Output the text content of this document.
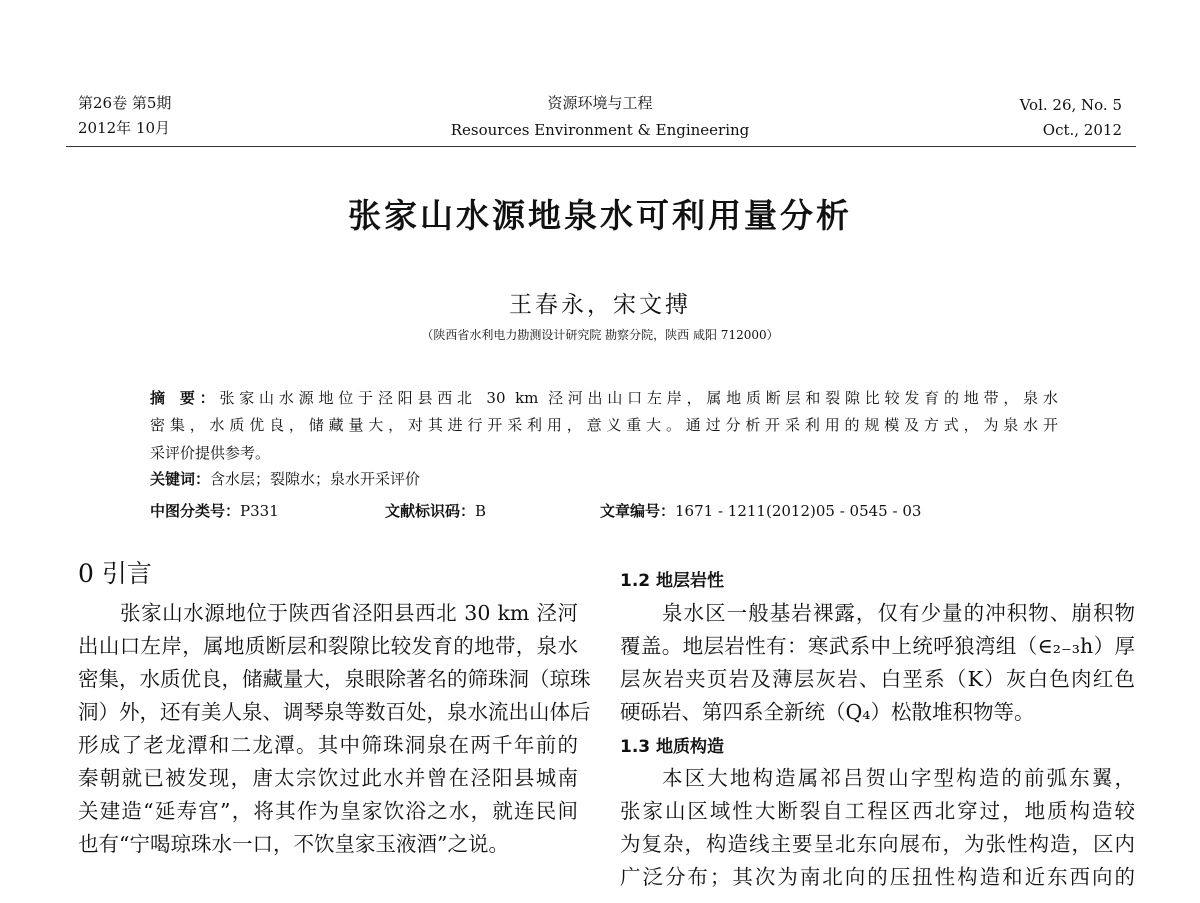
第26卷 第5期
2012年 10月
资源环境与工程
Resources Environment & Engineering
Vol. 26, No. 5
Oct., 2012
张家山水源地泉水可利用量分析
王春永，宋文搏
（陕西省水利电力勘测设计研究院 勘察分院，陕西 咸阳 712000）
摘 要：张家山水源地位于泾阳县西北 30 km 泾河出山口左岸，属地质断层和裂隙比较发育的地带，泉水
密集，水质优良，储藏量大，对其进行开采利用，意义重大。通过分析开采利用的规模及方式，为泉水开
采评价提供参考。
关键词：含水层；裂隙水；泉水开采评价
中图分类号：P331	文献标识码：B	文章编号：1671 - 1211(2012)05 - 0545 - 03
0 引言
张家山水源地位于陕西省泾阳县西北 30 km 泾河
出山口左岸，属地质断层和裂隙比较发育的地带，泉水
密集，水质优良，储藏量大，泉眼除著名的筛珠洞（琼珠
洞）外，还有美人泉、调琴泉等数百处，泉水流出山体后
形成了老龙潭和二龙潭。其中筛珠洞泉在两千年前的
秦朝就已被发现，唐太宗饮过此水并曾在泾阳县城南
关建造“延寿宫”，将其作为皇家饮浴之水，就连民间
也有“宁喝琼珠水一口，不饮皇家玉液酒”之说。
1.2 地层岩性
泉水区一般基岩裸露，仅有少量的冲积物、崩积物
覆盖。地层岩性有：寒武系中上统呼狼湾组（∈₂₋₃h）厚
层灰岩夹页岩及薄层灰岩、白垩系（K）灰白色肉红色
硬砾岩、第四系全新统（Q₄）松散堆积物等。
1.3 地质构造
本区大地构造属祁吕贺山字型构造的前弧东翼，
张家山区域性大断裂自工程区西北穿过，地质构造较
为复杂，构造线主要呈北东向展布，为张性构造，区内
广泛分布；其次为南北向的压扭性构造和近东西向的
